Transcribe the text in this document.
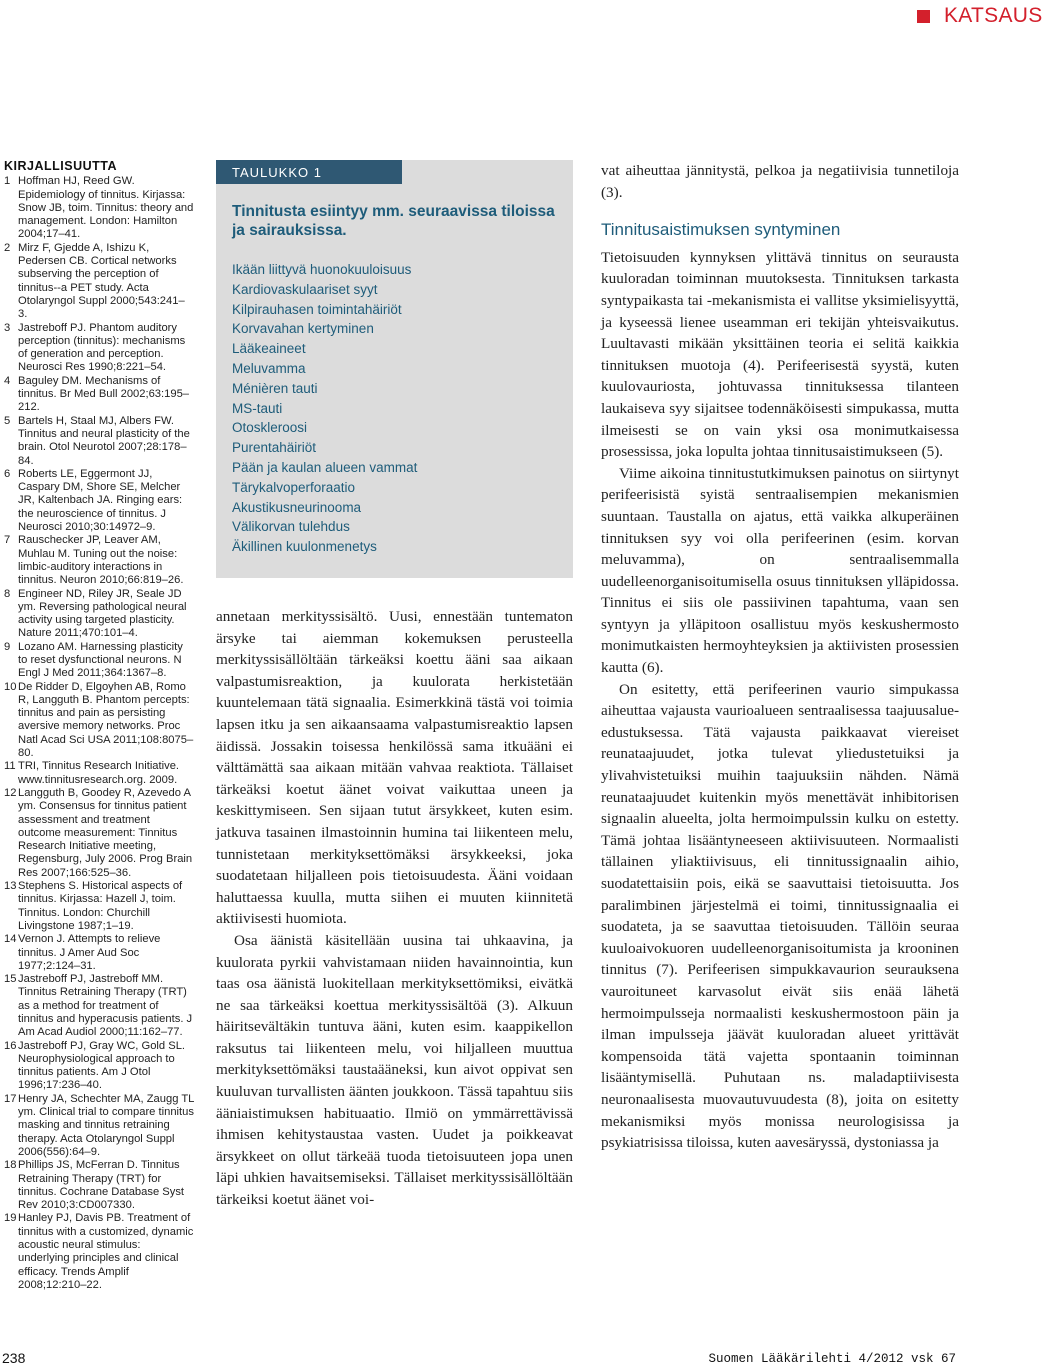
KATSAUS
KIRJALLISUUTTA
1 Hoffman HJ, Reed GW. Epidemiology of tinnitus. Kirjassa: Snow JB, toim. Tinnitus: theory and management. London: Hamilton 2004;17–41.
2 Mirz F, Gjedde A, Ishizu K, Pedersen CB. Cortical networks subserving the perception of tinnitus--a PET study. Acta Otolaryngol Suppl 2000;543:241–3.
3 Jastreboff PJ. Phantom auditory perception (tinnitus): mechanisms of generation and perception. Neurosci Res 1990;8:221–54.
4 Baguley DM. Mechanisms of tinnitus. Br Med Bull 2002;63:195–212.
5 Bartels H, Staal MJ, Albers FW. Tinnitus and neural plasticity of the brain. Otol Neurotol 2007;28:178–84.
6 Roberts LE, Eggermont JJ, Caspary DM, Shore SE, Melcher JR, Kaltenbach JA. Ringing ears: the neuroscience of tinnitus. J Neurosci 2010;30:14972–9.
7 Rauschecker JP, Leaver AM, Muhlau M. Tuning out the noise: limbic-auditory interactions in tinnitus. Neuron 2010;66:819–26.
8 Engineer ND, Riley JR, Seale JD ym. Reversing pathological neural activity using targeted plasticity. Nature 2011;470:101–4.
9 Lozano AM. Harnessing plasticity to reset dysfunctional neurons. N Engl J Med 2011;364:1367–8.
10 De Ridder D, Elgoyhen AB, Romo R, Langguth B. Phantom percepts: tinnitus and pain as persisting aversive memory networks. Proc Natl Acad Sci USA 2011;108:8075–80.
11 TRI, Tinnitus Research Initiative. www.tinnitusresearch.org. 2009.
12 Langguth B, Goodey R, Azevedo A ym. Consensus for tinnitus patient assessment and treatment outcome measurement: Tinnitus Research Initiative meeting, Regensburg, July 2006. Prog Brain Res 2007;166:525–36.
13 Stephens S. Historical aspects of tinnitus. Kirjassa: Hazell J, toim. Tinnitus. London: Churchill Livingstone 1987;1–19.
14 Vernon J. Attempts to relieve tinnitus. J Amer Aud Soc 1977;2:124–31.
15 Jastreboff PJ, Jastreboff MM. Tinnitus Retraining Therapy (TRT) as a method for treatment of tinnitus and hyperacusis patients. J Am Acad Audiol 2000;11:162–77.
16 Jastreboff PJ, Gray WC, Gold SL. Neurophysiological approach to tinnitus patients. Am J Otol 1996;17:236–40.
17 Henry JA, Schechter MA, Zaugg TL ym. Clinical trial to compare tinnitus masking and tinnitus retraining therapy. Acta Otolaryngol Suppl 2006(556):64–9.
18 Phillips JS, McFerran D. Tinnitus Retraining Therapy (TRT) for tinnitus. Cochrane Database Syst Rev 2010;3:CD007330.
19 Hanley PJ, Davis PB. Treatment of tinnitus with a customized, dynamic acoustic neural stimulus: underlying principles and clinical efficacy. Trends Amplif 2008;12:210–22.
TAULUKKO 1
Tinnitusta esiintyy mm. seuraavissa tiloissa ja sairauksissa.
Ikään liittyvä huonokuuloisuus
Kardiovaskulaariset syyt
Kilpirauhasen toimintahäiriöt
Korvavahan kertyminen
Lääkeaineet
Meluvamma
Ménièren tauti
MS-tauti
Otoskleroosi
Purentahäiriöt
Pään ja kaulan alueen vammat
Tärykalvoperforaatio
Akustikusneurinooma
Välikorvan tulehdus
Äkillinen kuulonmenetys

annetaan merkityssisältö. Uusi, ennestään tuntematon ärsyke tai aiemman kokemuksen perusteella merkityssisällöltään tärkeäksi koettu ääni saa aikaan valpastumisreaktion, ja kuulorata herkistetään kuuntelemaan tätä signaalia. Esimerkkinä tästä voi toimia lapsen itku ja sen aikaansaama valpastumisreaktio lapsen äidissä. Jossakin toisessa henkilössä sama itkuääni ei välttämättä saa aikaan mitään vahvaa reaktiota. Tällaiset tärkeäksi koetut äänet voivat vaikuttaa uneen ja keskittymiseen. Sen sijaan tutut ärsykkeet, kuten esim. jatkuva tasainen ilmastoinnin humina tai liikenteen melu, tunnistetaan merkityksettömäksi ärsykkeeksi, joka suodatetaan hiljalleen pois tietoisuudesta. Ääni voidaan haluttaessa kuulla, mutta siihen ei muuten kiinnitetä aktiivisesti huomiota.

Osa äänistä käsitellään uusina tai uhkaavina, ja kuulorata pyrkii vahvistamaan niiden havainnointia, kun taas osa äänistä luokitellaan merkityksettömiksi, eivätkä ne saa tärkeäksi koettua merkityssisältöä (3). Alkuun häiritsevältäkin tuntuva ääni, kuten esim. kaappikellon raksutus tai liikenteen melu, voi hiljalleen muuttua merkityksettömäksi taustaääneksi, kun aivot oppivat sen kuuluvan turvallisten äänten joukkoon. Tässä tapahtuu siis ääniaistimuksen habituaatio. Ilmiö on ymmärrettävissä ihmisen kehitystaustaa vasten. Uudet ja poikkeavat ärsykkeet on ollut tärkeää tuoda tietoisuuteen jopa unen läpi uhkien havaitsemiseksi. Tällaiset merkityssisällöltään tärkeiksi koetut äänet voi-

vat aiheuttaa jännitystä, pelkoa ja negatiivisia tunnetiloja (3).

Tinnitusaistimuksen syntyminen

Tietoisuuden kynnyksen ylittävä tinnitus on seurausta kuuloradan toiminnan muutoksesta. Tinnituksen tarkasta syntypaikasta tai -mekanismista ei vallitse yksimielisyyttä, ja kyseessä lienee useamman eri tekijän yhteisvaikutus. Luultavasti mikään yksittäinen teoria ei selitä kaikkia tinnituksen muotoja (4). Perifeerisestä syystä, kuten kuulovauriosta, johtuvassa tinnituksessa tilanteen laukaiseva syy sijaitsee todennäköisesti simpukassa, mutta ilmeisesti se on vain yksi osa monimutkaisessa prosessissa, joka lopulta johtaa tinnitusaistimukseen (5).

Viime aikoina tinnitustutkimuksen painotus on siirtynyt perifeerisistä syistä sentraalisempien mekanismien suuntaan. Taustalla on ajatus, että vaikka alkuperäinen tinnituksen syy voi olla perifeerinen (esim. korvan meluvamma), on sentraalisemmalla uudelleenorganisoitumisella osuus tinnituksen ylläpidossa. Tinnitus ei siis ole passiivinen tapahtuma, vaan sen syntyyn ja ylläpitoon osallistuu myös keskushermosto monimutkaisten hermoyhteyksien ja aktiivisten prosessien kautta (6).

On esitetty, että perifeerinen vaurio simpukassa aiheuttaa vajausta vaurioalueen sentraalisessa taajuusalue-edustuksessa. Tätä vajausta paikkaavat viereiset reunataajuudet, jotka tulevat yliedustetuiksi ja ylivahvistetuiksi muihin taajuuksiin nähden. Nämä reunataajuudet kuitenkin myös menettävät inhibitorisen signaalin alueelta, jolta hermoimpulssin kulku on estetty. Tämä johtaa lisääntyneeseen aktiivisuuteen. Normaalisti tällainen yliaktiivisuus, eli tinnitussignaalin aihio, suodatettaisiin pois, eikä se saavuttaisi tietoisuutta. Jos paralimbinen järjestelmä ei toimi, tinnitussignaalia ei suodateta, ja se saavuttaa tietoisuuden. Tällöin seuraa kuuloaivokuoren uudelleenorganisoitumista ja krooninen tinnitus (7). Perifeerisen simpukkavaurion seurauksena vauroituneet karvasolut eivät siis enää lähetä hermoimpulsseja normaalisti keskushermostoon päin ja ilman impulsseja jäävät kuuloradan alueet yrittävät kompensoida tätä vajetta spontaanin toiminnan lisääntymisellä. Puhutaan ns. maladaptiivisesta neuronaalisesta muovautuvuudesta (8), joita on esitetty mekanismiksi myös monissa neurologisissa ja psykiatrisissa tiloissa, kuten aavesäryssä, dystoniassa ja

238	Suomen Lääkärilehti 4/2012 vsk 67
